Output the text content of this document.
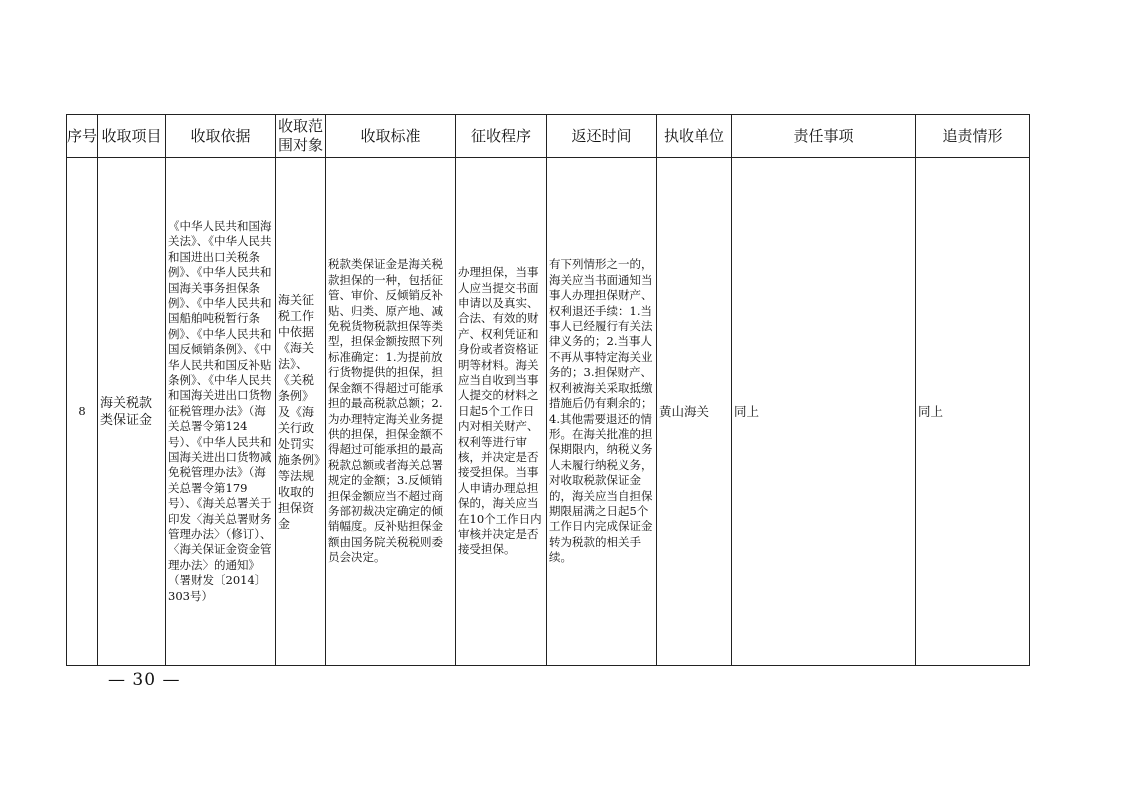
序号	收取项目	收取依据	收取范围对象	收取标准	征收程序	返还时间	执收单位	责任事项	追责情形
8	海关税款类保证金	《中华人民共和国海关法》、《中华人民共和国进出口关税条例》、《中华人民共和国海关事务担保条例》、《中华人民共和国船舶吨税暂行条例》、《中华人民共和国反倾销条例》、《中华人民共和国反补贴条例》、《中华人民共和国海关进出口货物征税管理办法》（海关总署令第124号）、《中华人民共和国海关进出口货物减免税管理办法》（海关总署令第179号）、《海关总署关于印发〈海关总署财务管理办法〉（修订）、〈海关保证金资金管理办法〉的通知》（署财发〔2014〕303号）	海关征税工作中依据《海关法》、《关税条例》及《海关行政处罚实施条例》等法规收取的担保资金	税款类保证金是海关税款担保的一种，包括征管、审价、反倾销反补贴、归类、原产地、减免税货物税款担保等类型，担保金额按照下列标准确定：1.为提前放行货物提供的担保，担保金额不得超过可能承担的最高税款总额；2.为办理特定海关业务提供的担保，担保金额不得超过可能承担的最高税款总额或者海关总署规定的金额；3.反倾销担保金额应当不超过商务部初裁决定确定的倾销幅度。反补贴担保金额由国务院关税税则委员会决定。	办理担保，当事人应当提交书面申请以及真实、合法、有效的财产、权利凭证和身份或者资格证明等材料。海关应当自收到当事人提交的材料之日起5个工作日内对相关财产、权利等进行审核，并决定是否接受担保。当事人申请办理总担保的，海关应当在10个工作日内审核并决定是否接受担保。	有下列情形之一的，海关应当书面通知当事人办理担保财产、权利退还手续：1.当事人已经履行有关法律义务的；2.当事人不再从事特定海关业务的；3.担保财产、权利被海关采取抵缴措施后仍有剩余的；4.其他需要退还的情形。在海关批准的担保期限内，纳税义务人未履行纳税义务，对收取税款保证金的，海关应当自担保期限届满之日起5个工作日内完成保证金转为税款的相关手续。	黄山海关	同上	同上
— 30 —
